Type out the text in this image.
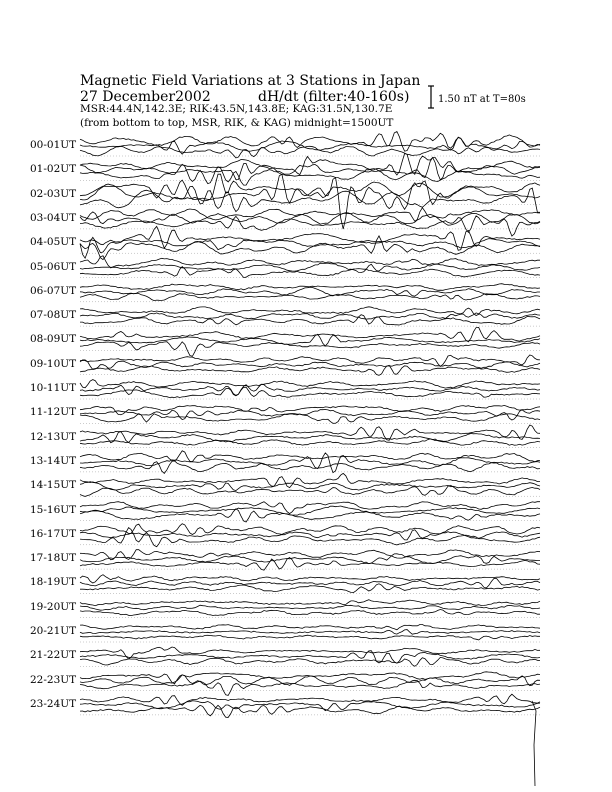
Magnetic Field Variations at 3 Stations in Japan
27 December2002	dH/dt (filter:40-160s)
MSR:44.4N,142.3E; RIK:43.5N,143.8E; KAG:31.5N,130.7E
(from bottom to top, MSR, RIK, & KAG) midnight=1500UT
1.50 nT at T=80s
00-01UT
01-02UT
02-03UT
03-04UT
04-05UT
05-06UT
06-07UT
07-08UT
08-09UT
09-10UT
10-11UT
11-12UT
12-13UT
13-14UT
14-15UT
15-16UT
16-17UT
17-18UT
18-19UT
19-20UT
20-21UT
21-22UT
22-23UT
23-24UT
